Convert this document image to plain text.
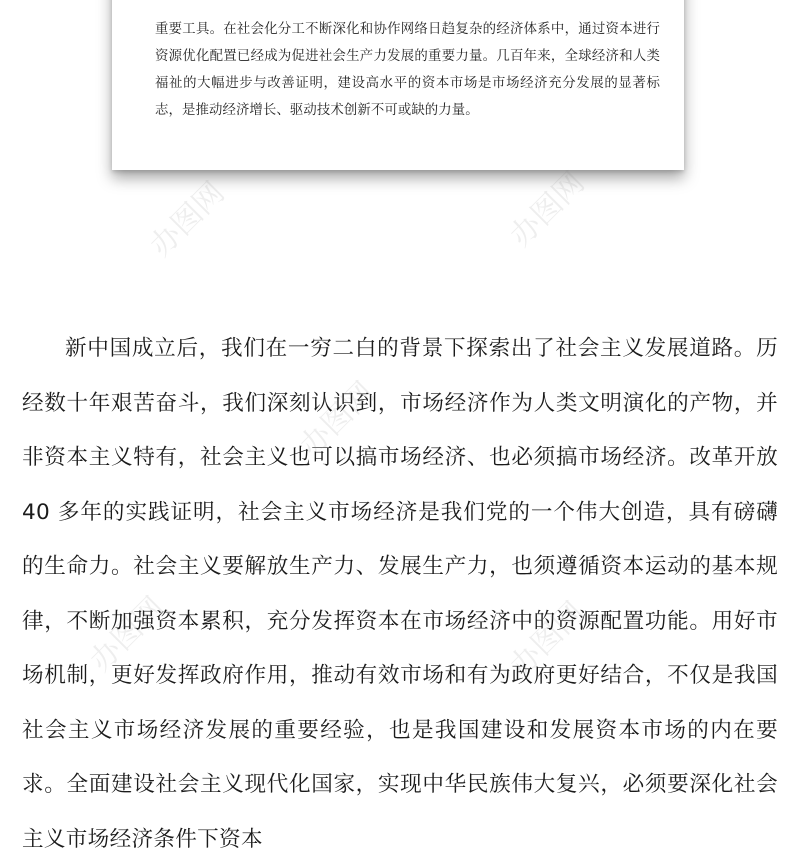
重要工具。在社会化分工不断深化和协作网络日趋复杂的经济体系中，通过资本进行资源优化配置已经成为促进社会生产力发展的重要力量。几百年来，全球经济和人类福祉的大幅进步与改善证明，建设高水平的资本市场是市场经济充分发展的显著标志，是推动经济增长、驱动技术创新不可或缺的力量。

新中国成立后，我们在一穷二白的背景下探索出了社会主义发展道路。历经数十年艰苦奋斗，我们深刻认识到，市场经济作为人类文明演化的产物，并非资本主义特有，社会主义也可以搞市场经济、也必须搞市场经济。改革开放 40 多年的实践证明，社会主义市场经济是我们党的一个伟大创造，具有磅礴的生命力。社会主义要解放生产力、发展生产力，也须遵循资本运动的基本规律，不断加强资本累积，充分发挥资本在市场经济中的资源配置功能。用好市场机制，更好发挥政府作用，推动有效市场和有为政府更好结合，不仅是我国社会主义市场经济发展的重要经验，也是我国建设和发展资本市场的内在要求。全面建设社会主义现代化国家，实现中华民族伟大复兴，必须要深化社会主义市场经济条件下资本

办图网	办图网
办图网
办图网	办图网
